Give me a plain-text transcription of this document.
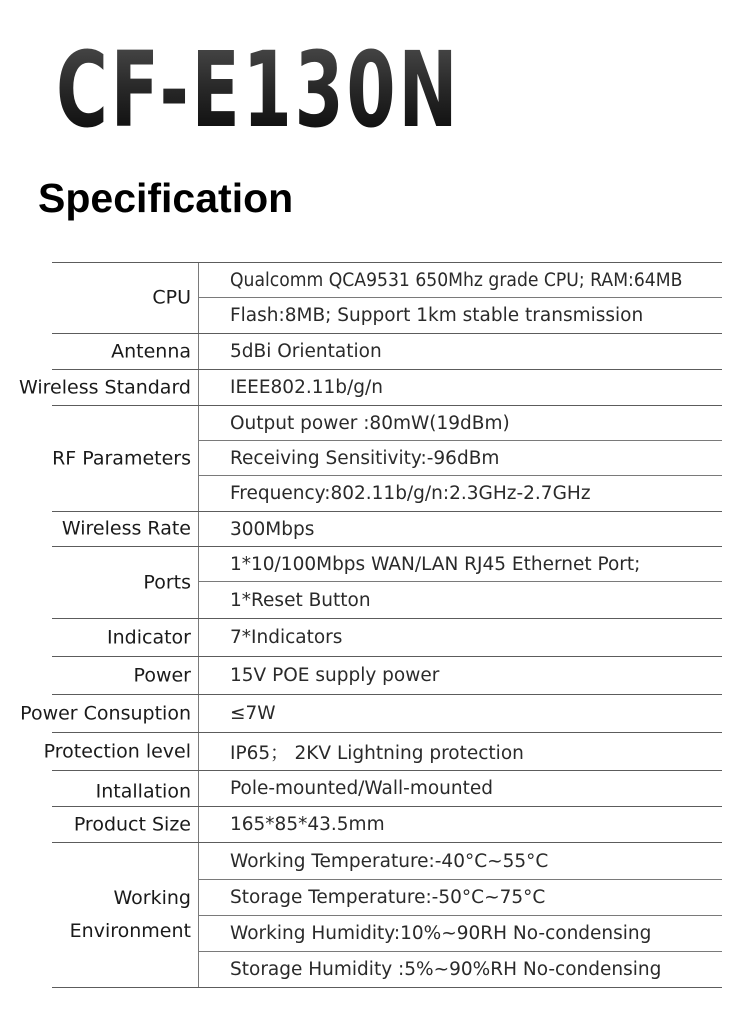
CF-E130N
Specification
CPU
Qualcomm QCA9531 650Mhz grade CPU; RAM:64MB
Flash:8MB; Support 1km stable transmission
Antenna 5dBi Orientation
Wireless Standard IEEE802.11b/g/n
RF Parameters
Output power :80mW(19dBm)
Receiving Sensitivity:-96dBm
Frequency:802.11b/g/n:2.3GHz-2.7GHz
Wireless Rate 300Mbps
Ports
1*10/100Mbps WAN/LAN RJ45 Ethernet Port;
1*Reset Button
Indicator 7*Indicators
Power 15V POE supply power
Power Consuption ≤7W
Protection level IP65； 2KV Lightning protection
Intallation Pole-mounted/Wall-mounted
Product Size 165*85*43.5mm
Working
Environment
Working Temperature:-40°C~55°C
Storage Temperature:-50°C~75°C
Working Humidity:10%~90RH No-condensing
Storage Humidity :5%~90%RH No-condensing
